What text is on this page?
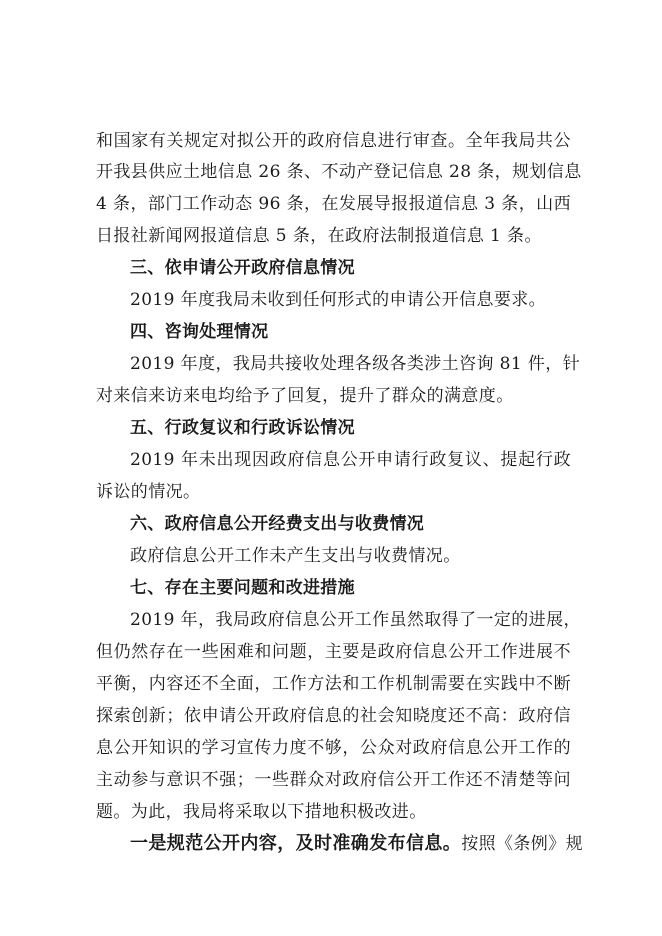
和国家有关规定对拟公开的政府信息进行审查。全年我局共公
开我县供应土地信息 26 条、不动产登记信息 28 条，规划信息
4 条，部门工作动态 96 条，在发展导报报道信息 3 条，山西
日报社新闻网报道信息 5 条，在政府法制报道信息 1 条。
三、依申请公开政府信息情况
2019 年度我局未收到任何形式的申请公开信息要求。
四、咨询处理情况
2019 年度，我局共接收处理各级各类涉土咨询 81 件，针
对来信来访来电均给予了回复，提升了群众的满意度。
五、行政复议和行政诉讼情况
2019 年未出现因政府信息公开申请行政复议、提起行政
诉讼的情况。
六、政府信息公开经费支出与收费情况
政府信息公开工作未产生支出与收费情况。
七、存在主要问题和改进措施
2019 年，我局政府信息公开工作虽然取得了一定的进展，
但仍然存在一些困难和问题，主要是政府信息公开工作进展不
平衡，内容还不全面，工作方法和工作机制需要在实践中不断
探索创新；依申请公开政府信息的社会知晓度还不高：政府信
息公开知识的学习宣传力度不够，公众对政府信息公开工作的
主动参与意识不强；一些群众对政府信公开工作还不清楚等问
题。为此，我局将采取以下措地积极改进。
一是规范公开内容，及时准确发布信息。按照《条例》规
